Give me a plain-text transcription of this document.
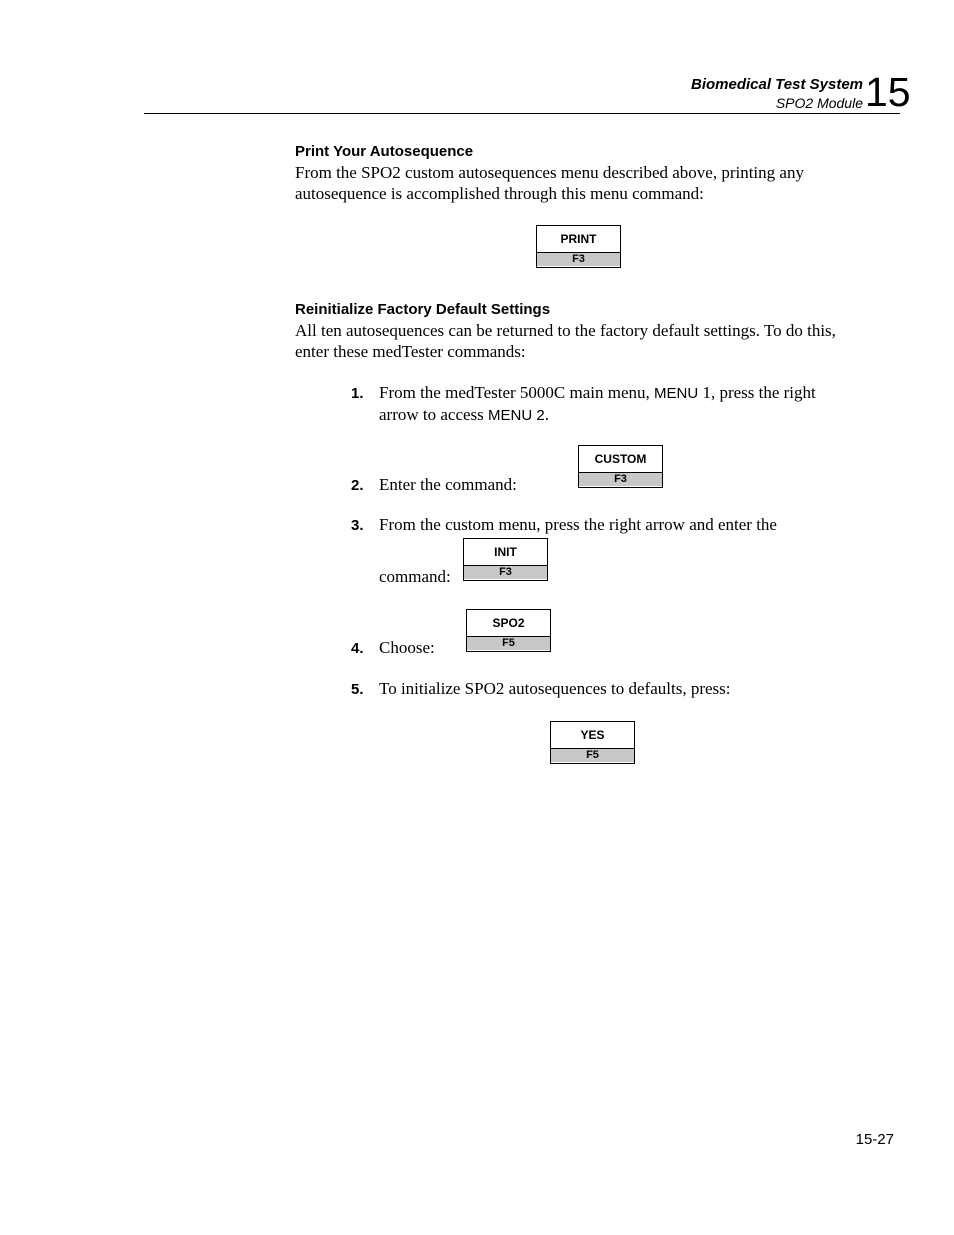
Biomedical Test System
SPO2 Module 15
Print Your Autosequence
From the SPO2 custom autosequences menu described above, printing any autosequence is accomplished through this menu command:
PRINT
F3
Reinitialize Factory Default Settings
All ten autosequences can be returned to the factory default settings. To do this, enter these medTester commands:
1. From the medTester 5000C main menu, MENU 1, press the right arrow to access MENU 2.
2. Enter the command:
CUSTOM
F3
3. From the custom menu, press the right arrow and enter the
command:
INIT
F3
4. Choose:
SPO2
F5
5. To initialize SPO2 autosequences to defaults, press:
YES
F5
15-27
